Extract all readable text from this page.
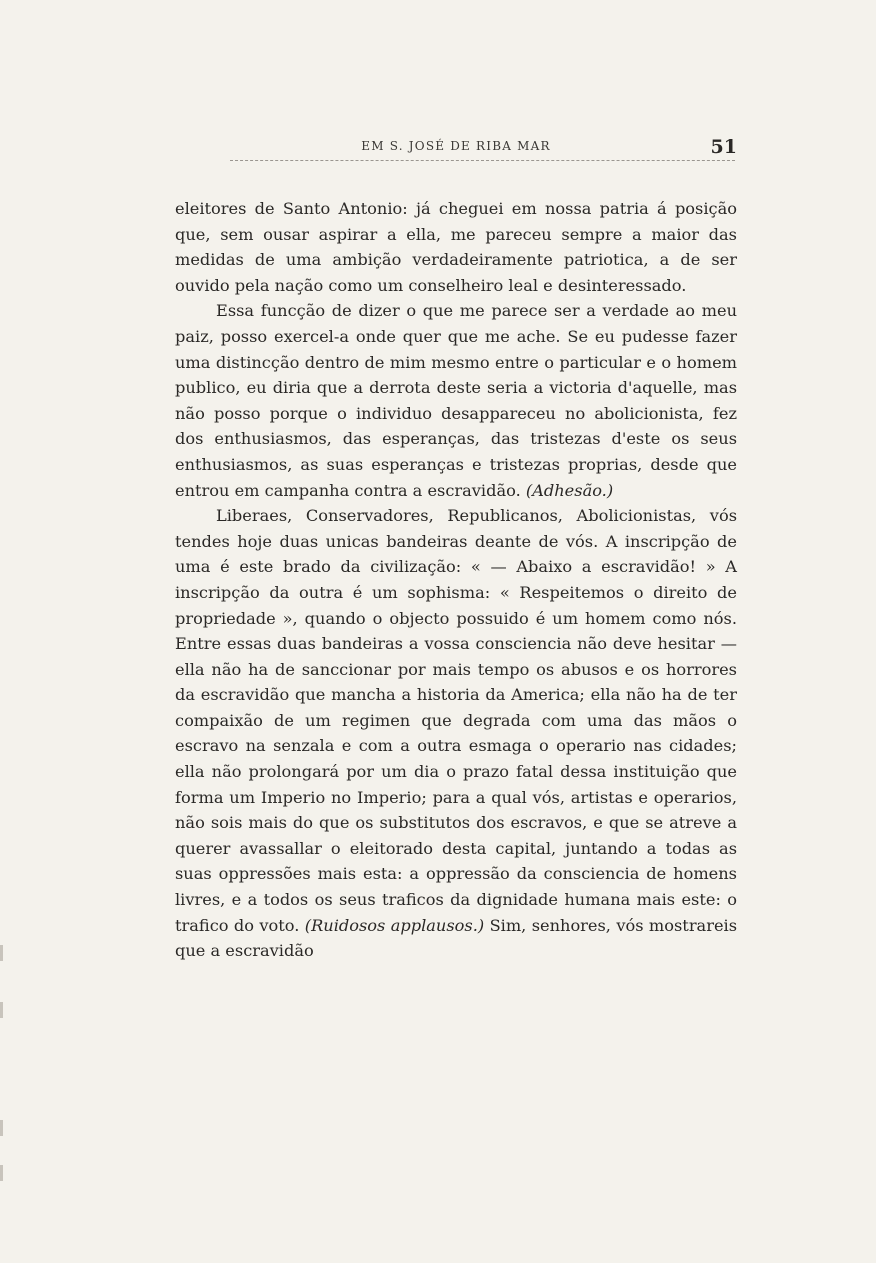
EM S. JOSÉ DE RIBA MAR	51

eleitores de Santo Antonio: já cheguei em nossa patria á posição que, sem ousar aspirar a ella, me pareceu sempre a maior das medidas de uma ambição verdadeiramente patriotica, a de ser ouvido pela nação como um conselheiro leal e desinteressado.

Essa funcção de dizer o que me parece ser a verdade ao meu paiz, posso exercel-a onde quer que me ache. Se eu pudesse fazer uma distincção dentro de mim mesmo entre o particular e o homem publico, eu diria que a derrota deste seria a victoria d'aquelle, mas não posso porque o individuo desappareceu no abolicionista, fez dos enthusiasmos, das esperanças, das tristezas d'este os seus enthusiasmos, as suas esperanças e tristezas proprias, desde que entrou em campanha contra a escravidão. (Adhesão.)

Liberaes, Conservadores, Republicanos, Abolicionistas, vós tendes hoje duas unicas bandeiras deante de vós. A inscripção de uma é este brado da civilização: « — Abaixo a escravidão! » A inscripção da outra é um sophisma: « Respeitemos o direito de propriedade », quando o objecto possuido é um homem como nós. Entre essas duas bandeiras a vossa consciencia não deve hesitar — ella não ha de sanccionar por mais tempo os abusos e os horrores da escravidão que mancha a historia da America; ella não ha de ter compaixão de um regimen que degrada com uma das mãos o escravo na senzala e com a outra esmaga o operario nas cidades; ella não prolongará por um dia o prazo fatal dessa instituição que forma um Imperio no Imperio; para a qual vós, artistas e operarios, não sois mais do que os substitutos dos escravos, e que se atreve a querer avassallar o eleitorado desta capital, juntando a todas as suas oppressões mais esta: a oppressão da consciencia de homens livres, e a todos os seus traficos da dignidade humana mais este: o trafico do voto. (Ruidosos applausos.) Sim, senhores, vós mostrareis que a escravidão
